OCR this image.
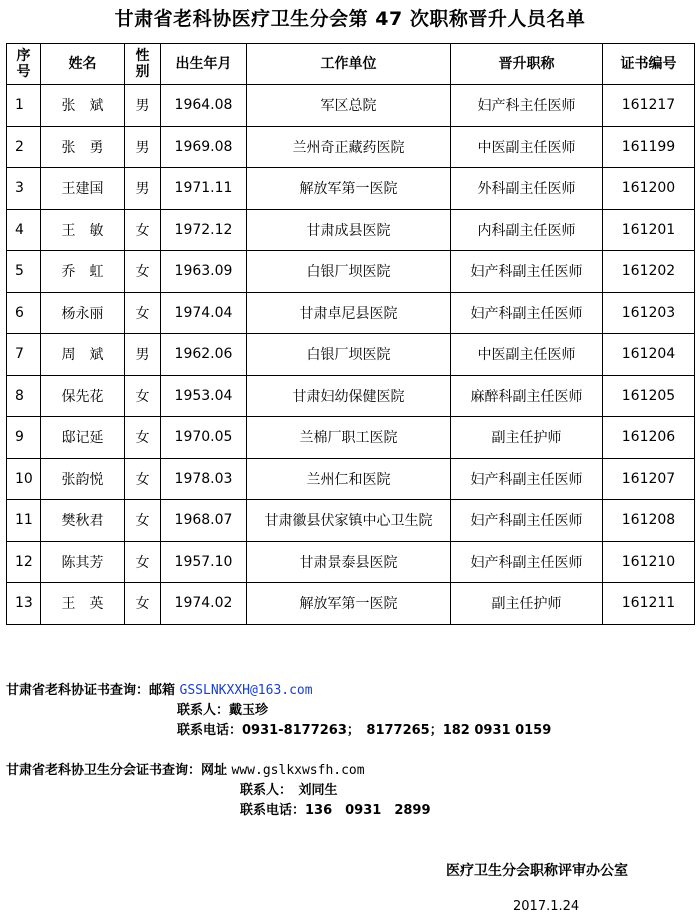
甘肃省老科协医疗卫生分会第 47 次职称晋升人员名单
序号	姓名	性别	出生年月	工作单位	晋升职称	证书编号
1	张　斌	男	1964.08	军区总院	妇产科主任医师	161217
2	张　勇	男	1969.08	兰州奇正藏药医院	中医副主任医师	161199
3	王建国	男	1971.11	解放军第一医院	外科副主任医师	161200
4	王　敏	女	1972.12	甘肃成县医院	内科副主任医师	161201
5	乔　虹	女	1963.09	白银厂坝医院	妇产科副主任医师	161202
6	杨永丽	女	1974.04	甘肃卓尼县医院	妇产科副主任医师	161203
7	周　斌	男	1962.06	白银厂坝医院	中医副主任医师	161204
8	保先花	女	1953.04	甘肃妇幼保健医院	麻醉科副主任医师	161205
9	邸记延	女	1970.05	兰棉厂职工医院	副主任护师	161206
10	张韵悦	女	1978.03	兰州仁和医院	妇产科副主任医师	161207
11	樊秋君	女	1968.07	甘肃徽县伏家镇中心卫生院	妇产科副主任医师	161208
12	陈其芳	女	1957.10	甘肃景泰县医院	妇产科副主任医师	161210
13	王　英	女	1974.02	解放军第一医院	副主任护师	161211
甘肃省老科协证书查询：邮箱 GSSLNKXXH@163.com
联系人：戴玉珍
联系电话：0931-8177263；　8177265；182 0931 0159
甘肃省老科协卫生分会证书查询：网址 www.gslkxwsfh.com
联系人：　刘同生
联系电话：136　0931　2899
医疗卫生分会职称评审办公室
2017.1.24
